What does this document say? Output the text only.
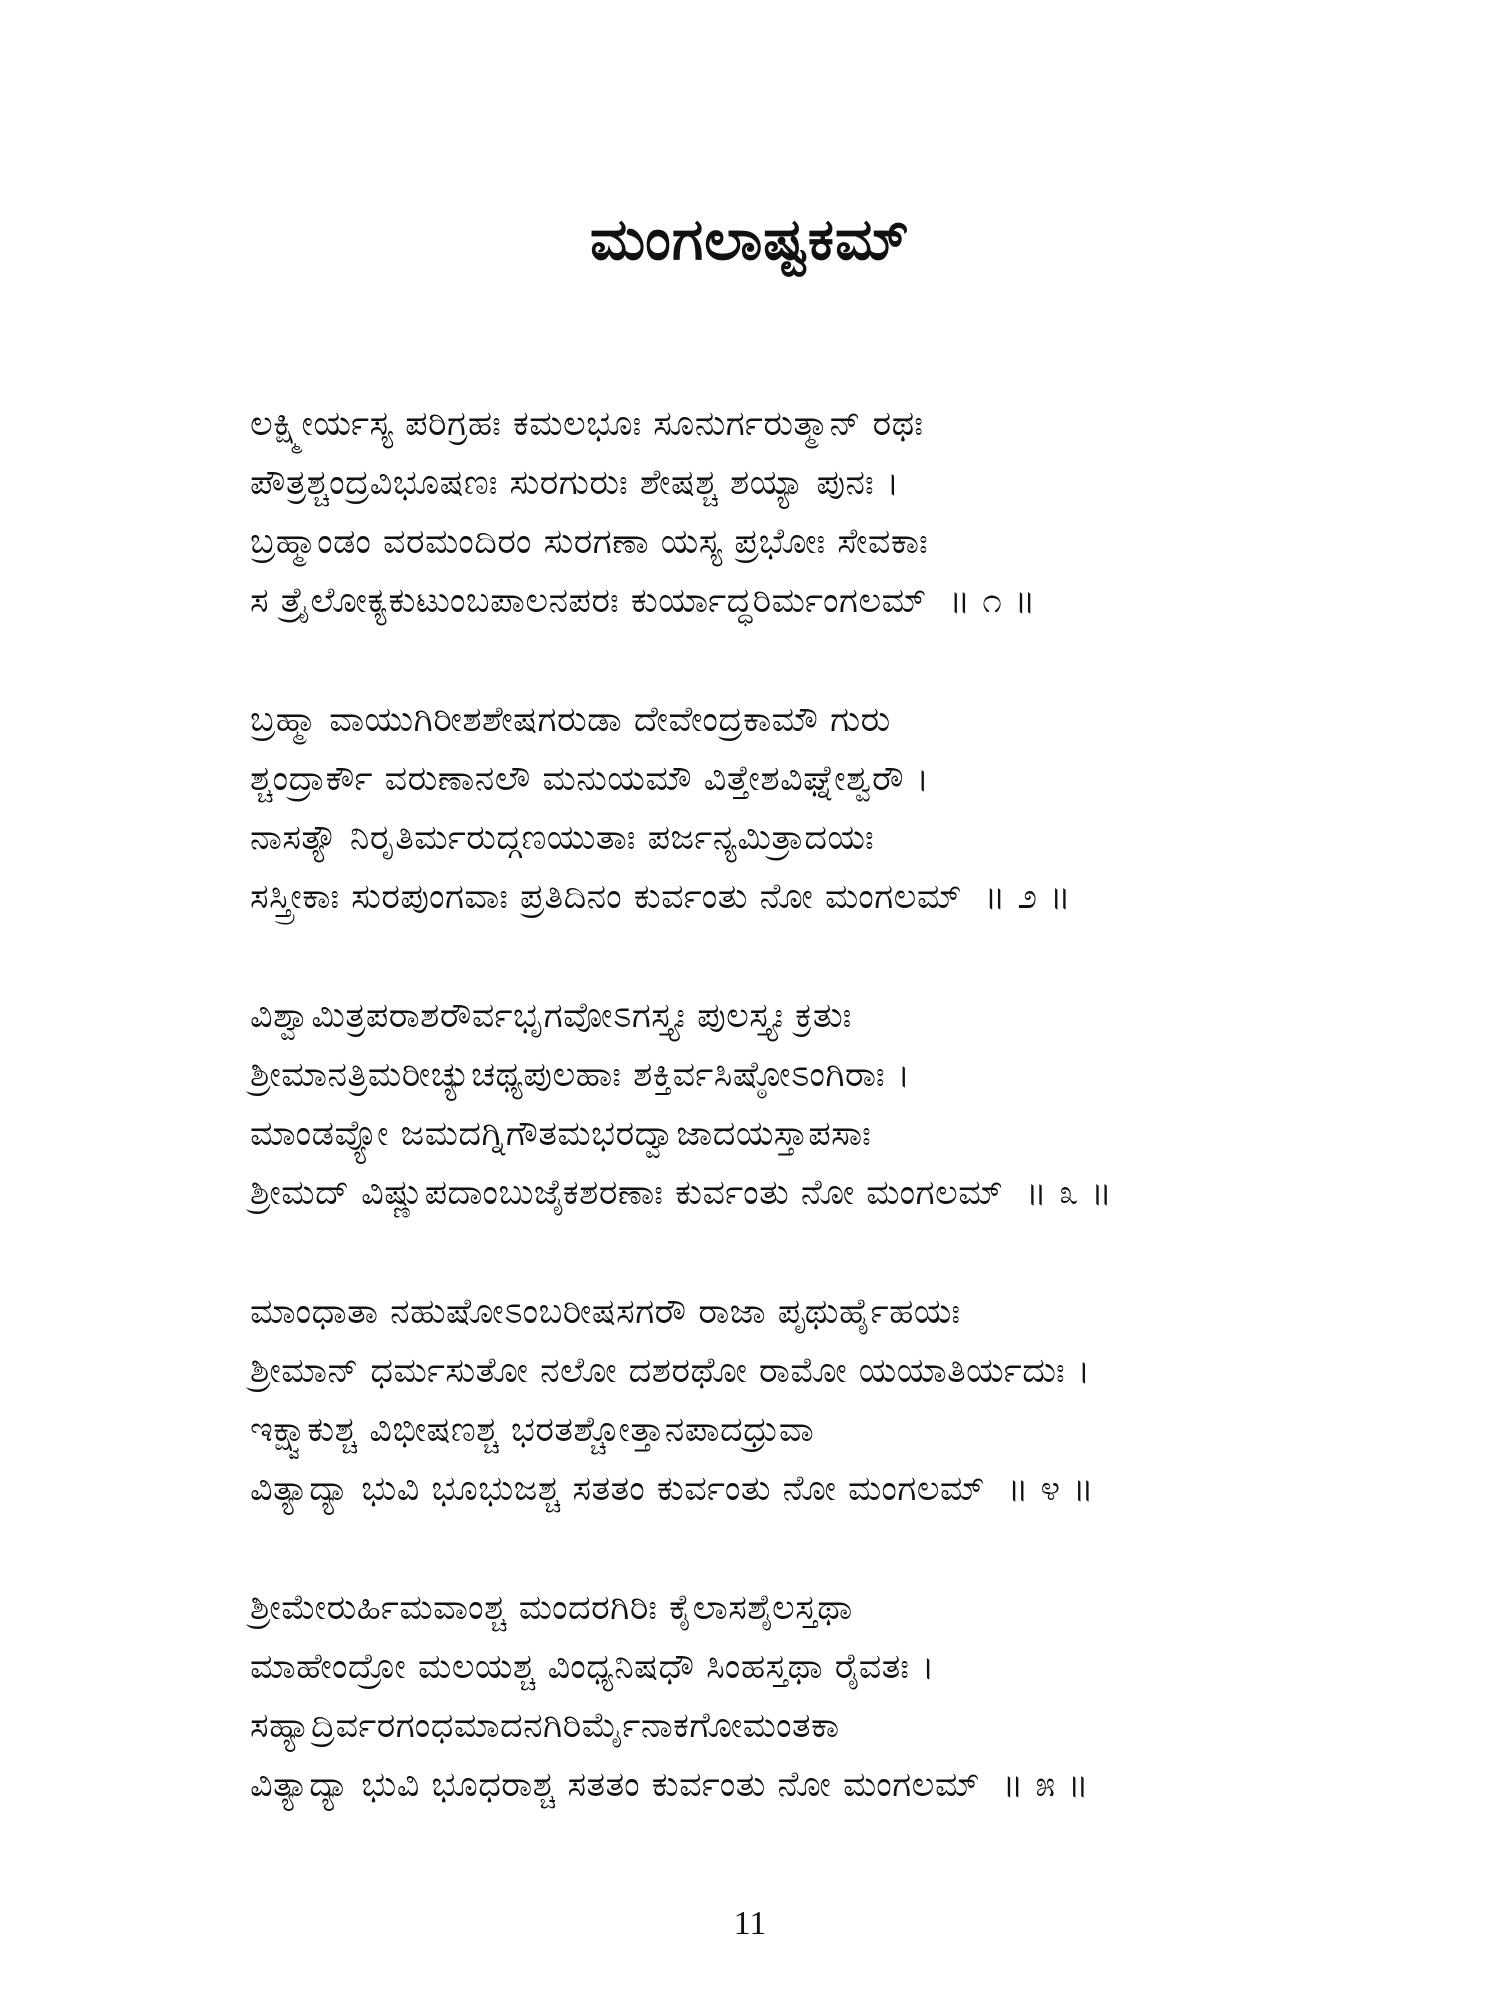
ಮಂಗಲಾಷ್ಟಕಮ್
ಲಕ್ಷ್ಮೀರ್ಯಸ್ಯ ಪರಿಗ್ರಹಃ ಕಮಲಭೂಃ ಸೂನುರ್ಗರುತ್ಮಾನ್ ರಥಃ
ಪೌತ್ರಶ್ಚಂದ್ರವಿಭೂಷಣಃ ಸುರಗುರುಃ ಶೇಷಶ್ಚ ಶಯ್ಯಾ ಪುನಃ ।
ಬ್ರಹ್ಮಾಂಡಂ ವರಮಂದಿರಂ ಸುರಗಣಾ ಯಸ್ಯ ಪ್ರಭೋಃ ಸೇವಕಾಃ
ಸ ತ್ರೈಲೋಕ್ಯಕುಟುಂಬಪಾಲನಪರಃ ಕುರ್ಯಾದ್ಧರಿರ್ಮಂಗಲಮ್ ॥ ೧ ॥
ಬ್ರಹ್ಮಾ ವಾಯುಗಿರೀಶಶೇಷಗರುಡಾ ದೇವೇಂದ್ರಕಾಮೌ ಗುರು
ಶ್ಚಂದ್ರಾರ್ಕೌ ವರುಣಾನಲೌ ಮನುಯಮೌ ವಿತ್ತೇಶವಿಘ್ನೇಶ್ವರೌ ।
ನಾಸತ್ಯೌ ನಿರೃತಿರ್ಮರುದ್ಗಣಯುತಾಃ ಪರ್ಜನ್ಯಮಿತ್ರಾದಯಃ
ಸಸ್ತ್ರೀಕಾಃ ಸುರಪುಂಗವಾಃ ಪ್ರತಿದಿನಂ ಕುರ್ವಂತು ನೋ ಮಂಗಲಮ್ ॥ ೨ ॥
ವಿಶ್ವಾಮಿತ್ರಪರಾಶರೌರ್ವಭೃಗವೋಽಗಸ್ತ್ಯಃ ಪುಲಸ್ತ್ಯಃ ಕ್ರತುಃ
ಶ್ರೀಮಾನತ್ರಿಮರೀಚ್ಯುಚಥ್ಯಪುಲಹಾಃ ಶಕ್ತಿರ್ವಸಿಷ್ಠೋಽಂಗಿರಾಃ ।
ಮಾಂಡವ್ಯೋ ಜಮದಗ್ನಿಗೌತಮಭರದ್ವಾಜಾದಯಸ್ತಾಪಸಾಃ
ಶ್ರೀಮದ್ ವಿಷ್ಣುಪದಾಂಬುಜೈಕಶರಣಾಃ ಕುರ್ವಂತು ನೋ ಮಂಗಲಮ್ ॥ ೩ ॥
ಮಾಂಧಾತಾ ನಹುಷೋಽಂಬರೀಷಸಗರೌ ರಾಜಾ ಪೃಥುರ್ಹೈಹಯಃ
ಶ್ರೀಮಾನ್ ಧರ್ಮಸುತೋ ನಲೋ ದಶರಥೋ ರಾಮೋ ಯಯಾತಿರ್ಯದುಃ ।
ಇಕ್ಷ್ವಾಕುಶ್ಚ ವಿಭೀಷಣಶ್ಚ ಭರತಶ್ಚೋತ್ತಾನಪಾದಧ್ರುವಾ
ವಿತ್ಯಾದ್ಯಾ ಭುವಿ ಭೂಭುಜಶ್ಚ ಸತತಂ ಕುರ್ವಂತು ನೋ ಮಂಗಲಮ್ ॥ ೪ ॥
ಶ್ರೀಮೇರುರ್ಹಿಮವಾಂಶ್ಚ ಮಂದರಗಿರಿಃ ಕೈಲಾಸಶೈಲಸ್ತಥಾ
ಮಾಹೇಂದ್ರೋ ಮಲಯಶ್ಚ ವಿಂಧ್ಯನಿಷಧೌ ಸಿಂಹಸ್ತಥಾ ರೈವತಃ ।
ಸಹ್ಯಾದ್ರಿರ್ವರಗಂಧಮಾದನಗಿರಿರ್ಮೈನಾಕಗೋಮಂತಕಾ
ವಿತ್ಯಾದ್ಯಾ ಭುವಿ ಭೂಧರಾಶ್ಚ ಸತತಂ ಕುರ್ವಂತು ನೋ ಮಂಗಲಮ್ ॥ ೫ ॥
11
